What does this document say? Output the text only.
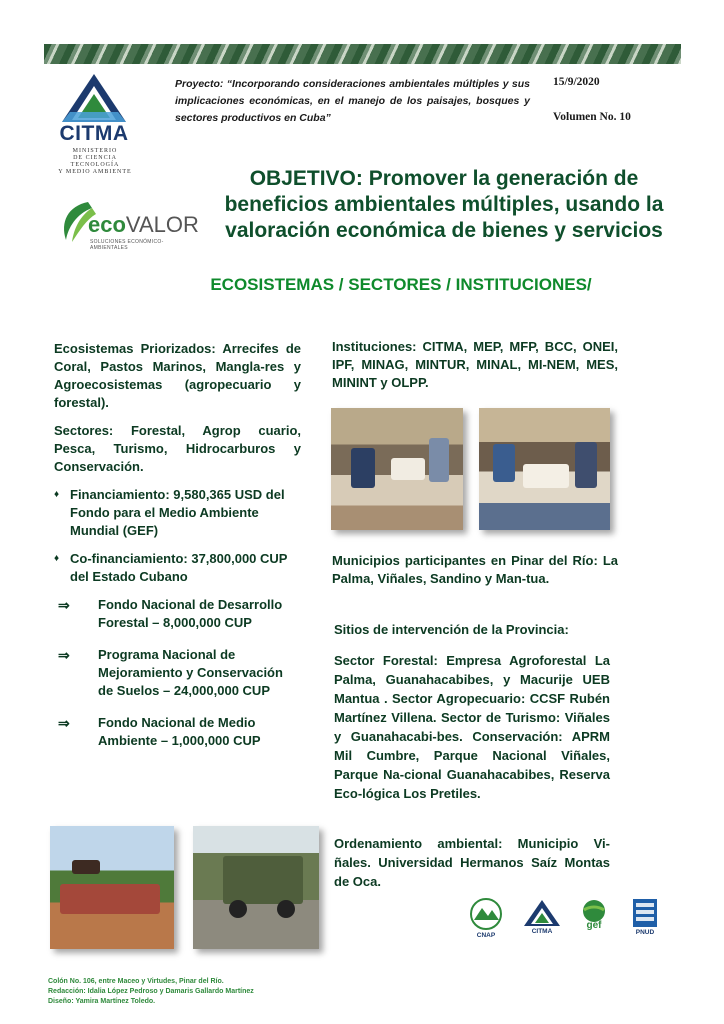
CITMA
MINISTERIO
DE CIENCIA
TECNOLOGÍA
Y MEDIO AMBIENTE
ecoVALOR
SOLUCIONES ECONÓMICO-AMBIENTALES
Proyecto: “Incorporando consideraciones ambientales múltiples y sus implicaciones económicas, en el manejo de los paisajes, bosques y sectores productivos en Cuba”
15/9/2020
Volumen No. 10
OBJETIVO: Promover la generación de beneficios ambientales múltiples, usando la valoración económica de bienes y servicios
ECOSISTEMAS / SECTORES / INSTITUCIONES/

Ecosistemas Priorizados: Arrecifes de Coral, Pastos Marinos, Mangla-res y Agroecosistemas (agropecuario y forestal).

Sectores: Forestal, Agrop cuario, Pesca, Turismo, Hidrocarburos y Conservación.

♦ Financiamiento: 9,580,365 USD del Fondo para el Medio Ambiente Mundial (GEF)
♦ Co-financiamiento: 37,800,000 CUP del Estado Cubano
⇒ Fondo Nacional de Desarrollo Forestal – 8,000,000 CUP
⇒ Programa Nacional de Mejoramiento y Conservación de Suelos – 24,000,000 CUP
⇒ Fondo Nacional de Medio Ambiente – 1,000,000 CUP

Instituciones: CITMA, MEP, MFP, BCC, ONEI, IPF, MINAG, MINTUR, MINAL, MI-NEM, MES, MININT y OLPP.

Municipios participantes en Pinar del Río: La Palma, Viñales, Sandino y Man-tua.
Sitios de intervención de la Provincia:
Sector Forestal: Empresa Agroforestal La Palma, Guanahacabibes, y Macurije UEB Mantua . Sector Agropecuario: CCSF Rubén Martínez Villena. Sector de Turismo: Viñales y Guanahacabi-bes. Conservación: APRM Mil Cumbre, Parque Nacional Viñales, Parque Na-cional Guanahacabibes, Reserva Eco-lógica Los Pretiles.
Ordenamiento ambiental: Municipio Vi-ñales. Universidad Hermanos Saíz Montas de Oca.
CNAP
CITMA
gef
PNUD
Colón No. 106, entre Maceo y Virtudes, Pinar del Río.
Redacción: Idalia López Pedroso y Damaris Gallardo Martínez
Diseño: Yamira Martínez Toledo.
